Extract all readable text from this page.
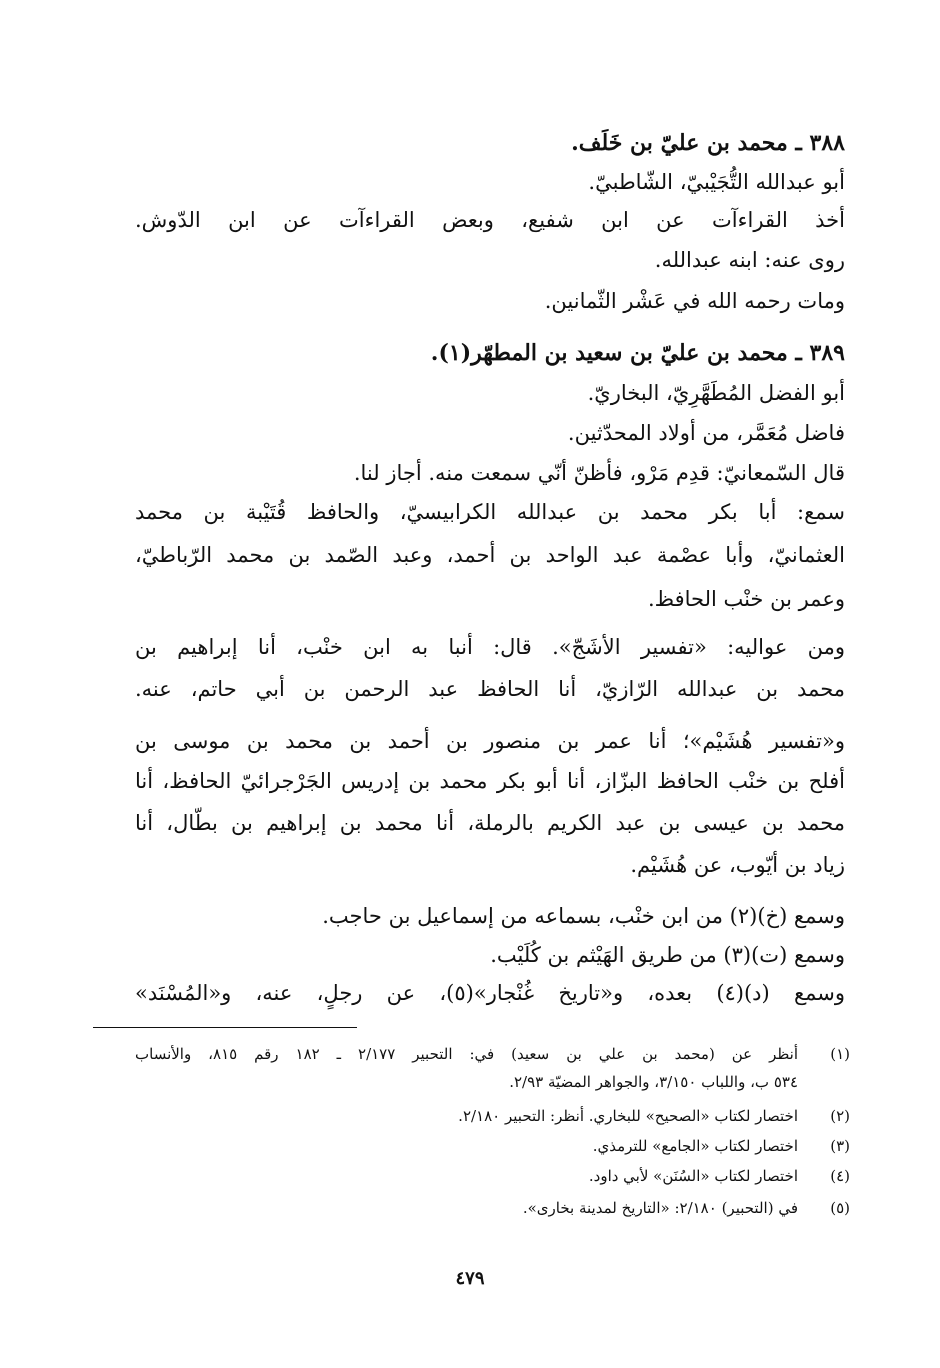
٣٨٨ ـ محمد بن عليّ بن خَلَف.
أبو عبدالله التُّجَيْبيّ، الشّاطبيّ.
أخذ القراءآت عن ابن شفيع، وبعض القراءآت عن ابن الدّوش.
روى عنه: ابنه عبدالله.
ومات رحمه الله في عَشْر الثّمانين.
٣٨٩ ـ محمد بن عليّ بن سعيد بن المطهّر(١).
أبو الفضل المُطَهَّرِيّ، البخاريّ.
فاضل مُعَمَّر، من أولاد المحدّثين.
قال السّمعانيّ: قدِم مَرْو، فأظنّ أنّي سمعت منه. أجاز لنا.
سمع: أبا بكر محمد بن عبدالله الكرابيسيّ، والحافظ قُتَيْبة بن محمد
العثمانيّ، وأبا عصْمة عبد الواحد بن أحمد، وعبد الصّمد بن محمد الرّباطيّ،
وعمر بن خنْب الحافظ.
ومن عواليه: «تفسير الأشَجّ». قال: أنبا به ابن خنْب، أنا إبراهيم بن
محمد بن عبدالله الرّازيّ، أنا الحافظ عبد الرحمن بن أبي حاتم، عنه.
و«تفسير هُشَيْم»؛ أنا عمر بن منصور بن أحمد بن محمد بن موسى بن
أفلح بن خنْب الحافظ البزّاز، أنا أبو بكر محمد بن إدريس الجَرْجرائيّ الحافظ، أنا
محمد بن عيسى بن عبد الكريم بالرملة، أنا محمد بن إبراهيم بن بطّال، أنا
زياد بن أيّوب، عن هُشَيْم.
وسمع (خ)(٢) من ابن خنْب، بسماعه من إسماعيل بن حاجب.
وسمع (ت)(٣) من طريق الهَيْثم بن كُلَيْب.
وسمع (د)(٤) بعده، و«تاريخ غُنْجار»(٥)، عن رجلٍ، عنه، و«المُسْنَد»
(١)
أنظر عن (محمد بن علي بن سعيد) في: التحبير ٢/١٧٧ ـ ١٨٢ رقم ٨١٥، والأنساب
٥٣٤ ب، واللباب ٣/١٥٠، والجواهر المضيّة ٢/٩٣.
(٢)
اختصار لكتاب «الصحيح» للبخاري. أنظر: التحبير ٢/١٨٠.
(٣)
اختصار لكتاب «الجامع» للترمذي.
(٤)
اختصار لكتاب «السُنَن» لأبي داود.
(٥)
في (التحبير) ٢/١٨٠: «التاريخ لمدينة بخارى».
٤٧٩
